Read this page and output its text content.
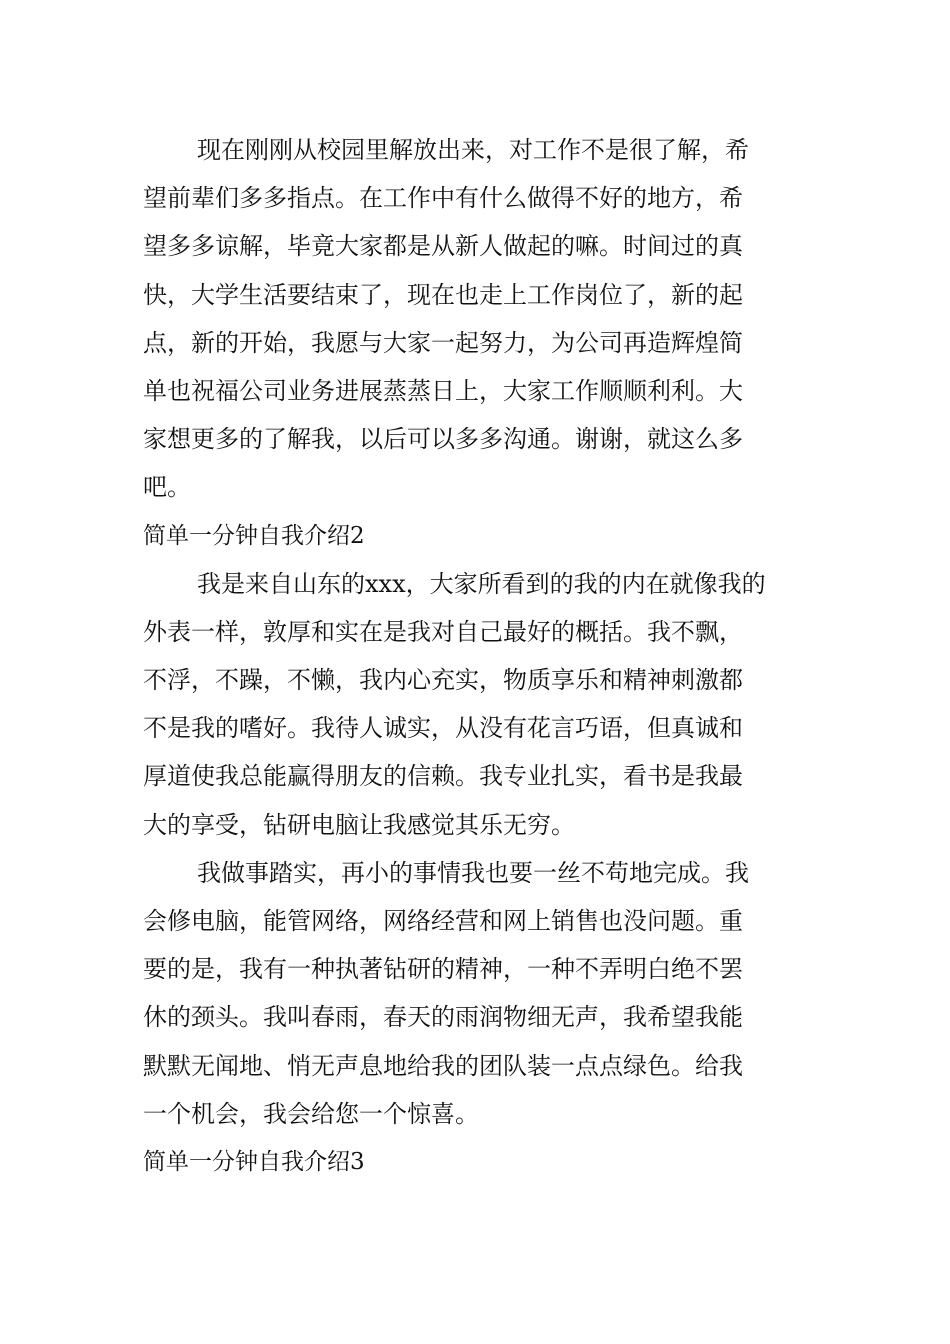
现在刚刚从校园里解放出来，对工作不是很了解，希
望前辈们多多指点。在工作中有什么做得不好的地方，希
望多多谅解，毕竟大家都是从新人做起的嘛。时间过的真
快，大学生活要结束了，现在也走上工作岗位了，新的起
点，新的开始，我愿与大家一起努力，为公司再造辉煌简
单也祝福公司业务进展蒸蒸日上，大家工作顺顺利利。大
家想更多的了解我，以后可以多多沟通。谢谢，就这么多
吧。
简单一分钟自我介绍2
我是来自山东的xxx，大家所看到的我的内在就像我的
外表一样，敦厚和实在是我对自己最好的概括。我不飘，
不浮，不躁，不懒，我内心充实，物质享乐和精神刺激都
不是我的嗜好。我待人诚实，从没有花言巧语，但真诚和
厚道使我总能赢得朋友的信赖。我专业扎实，看书是我最
大的享受，钻研电脑让我感觉其乐无穷。
我做事踏实，再小的事情我也要一丝不苟地完成。我
会修电脑，能管网络，网络经营和网上销售也没问题。重
要的是，我有一种执著钻研的精神，一种不弄明白绝不罢
休的颈头。我叫春雨，春天的雨润物细无声，我希望我能
默默无闻地、悄无声息地给我的团队装一点点绿色。给我
一个机会，我会给您一个惊喜。
简单一分钟自我介绍3
